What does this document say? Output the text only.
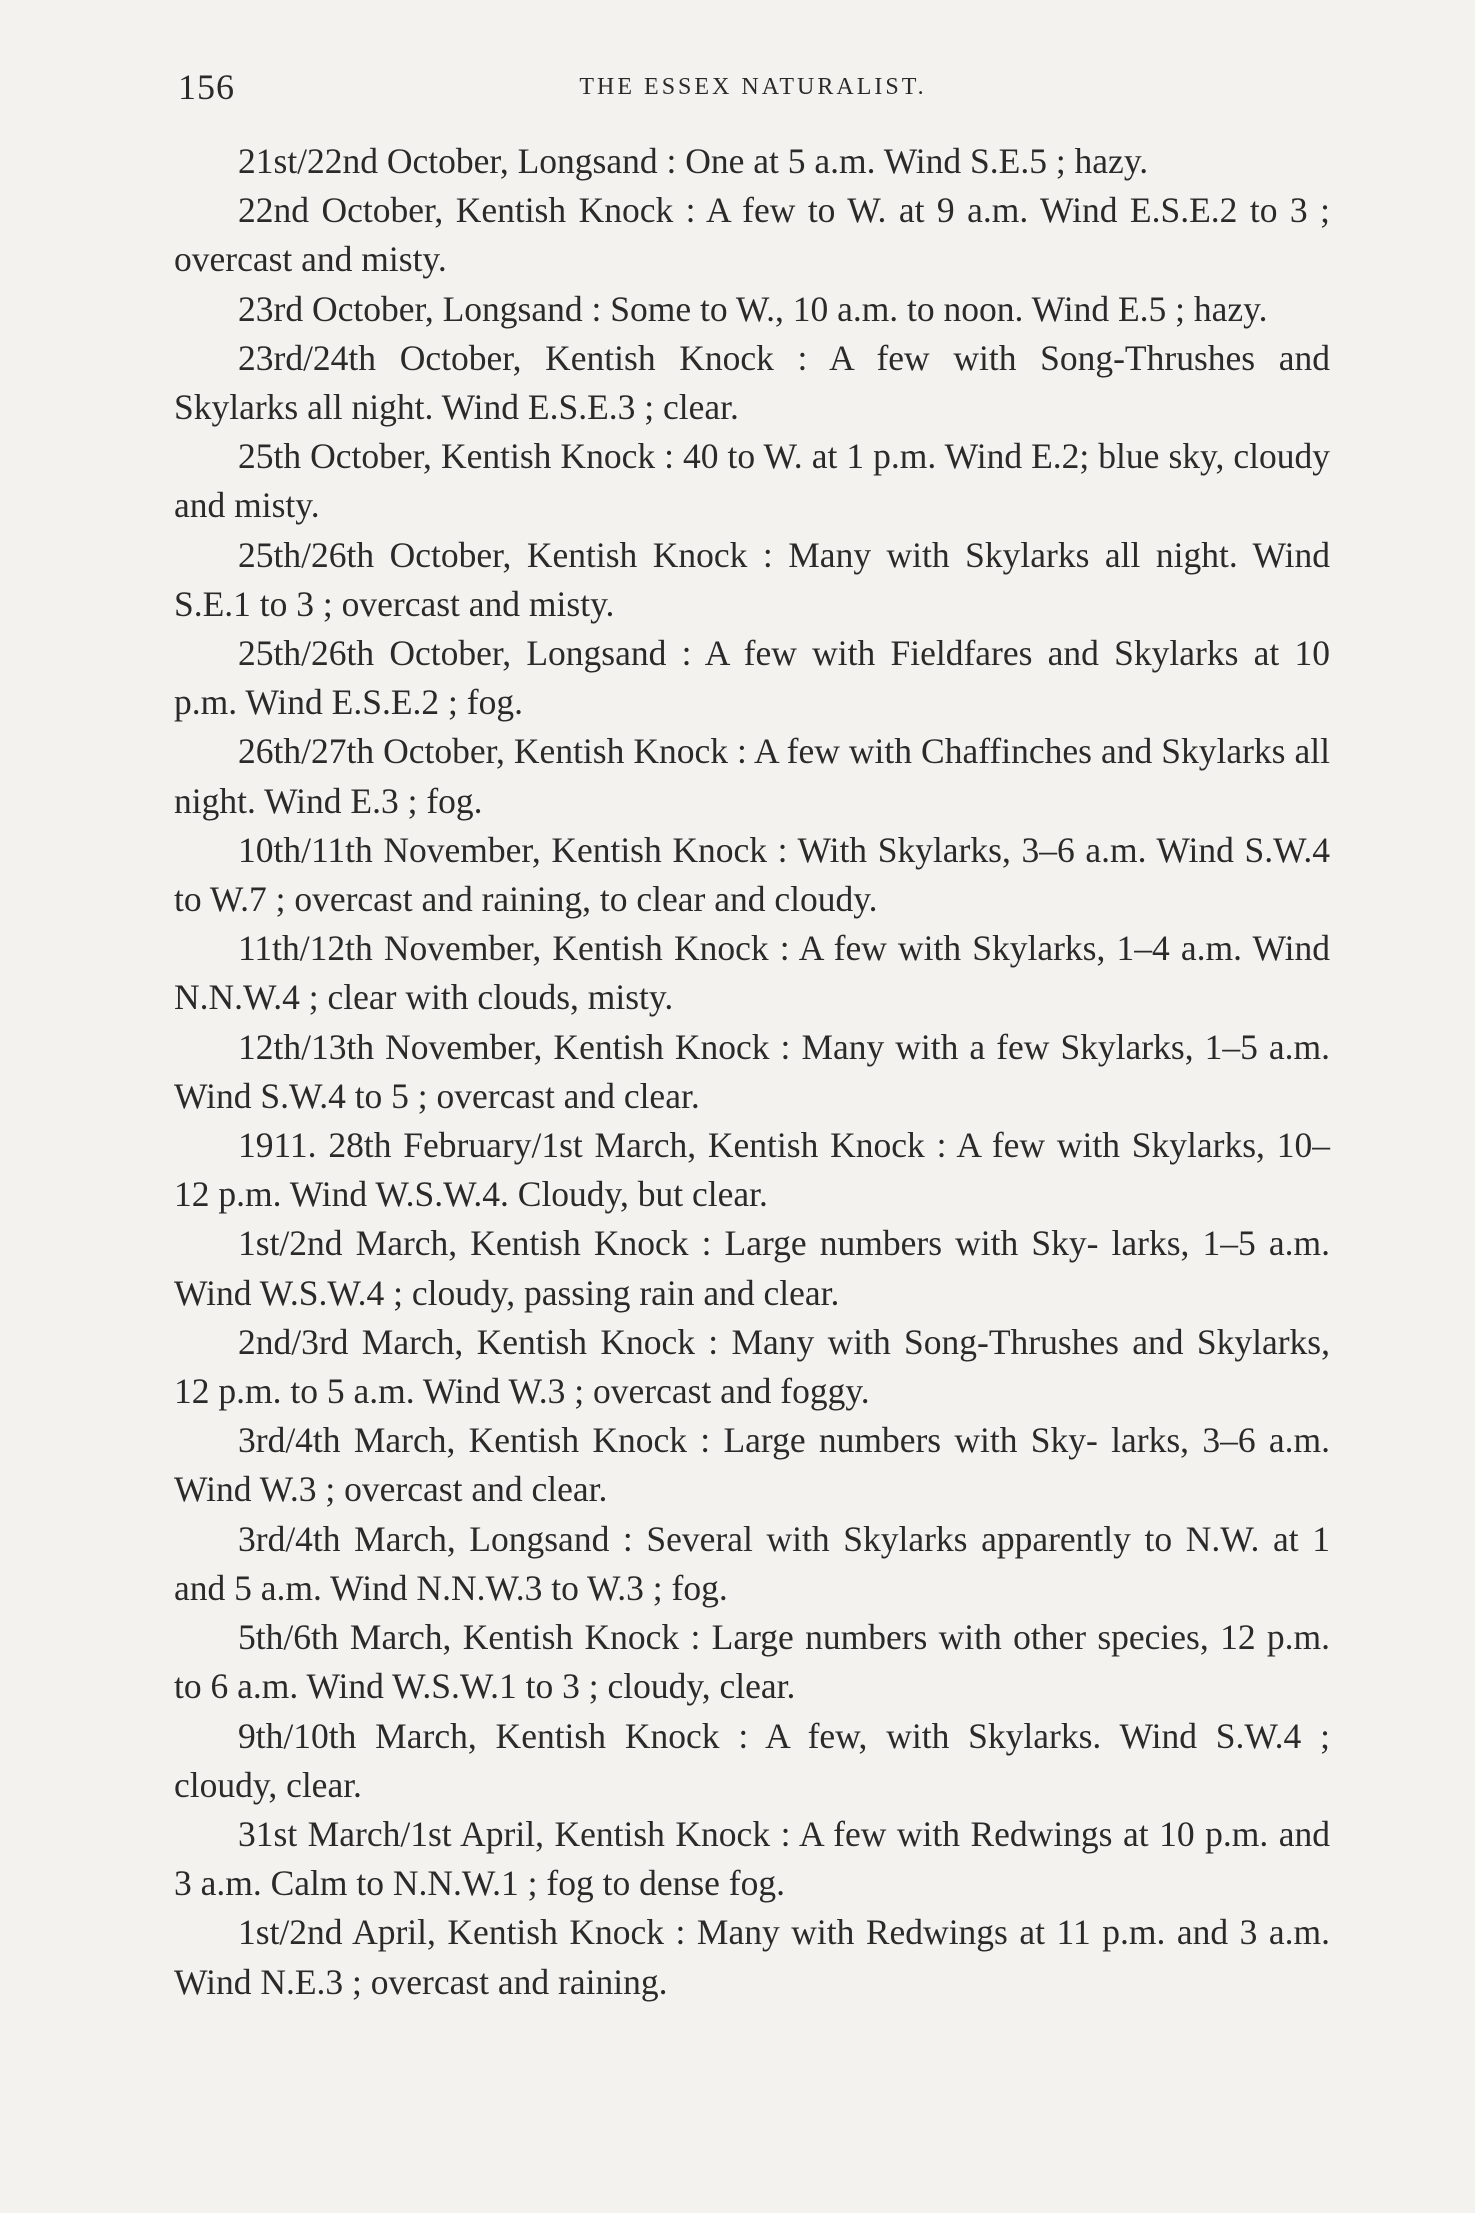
156	THE ESSEX NATURALIST.

21st/22nd October, Longsand : One at 5 a.m. Wind S.E.5 ; hazy.

22nd October, Kentish Knock : A few to W. at 9 a.m. Wind E.S.E.2 to 3 ; overcast and misty.

23rd October, Longsand : Some to W., 10 a.m. to noon. Wind E.5 ; hazy.

23rd/24th October, Kentish Knock : A few with Song-Thrushes and Skylarks all night. Wind E.S.E.3 ; clear.

25th October, Kentish Knock : 40 to W. at 1 p.m. Wind E.2; blue sky, cloudy and misty.

25th/26th October, Kentish Knock : Many with Skylarks all night. Wind S.E.1 to 3 ; overcast and misty.

25th/26th October, Longsand : A few with Fieldfares and Skylarks at 10 p.m. Wind E.S.E.2 ; fog.

26th/27th October, Kentish Knock : A few with Chaffinches and Skylarks all night. Wind E.3 ; fog.

10th/11th November, Kentish Knock : With Skylarks, 3–6 a.m. Wind S.W.4 to W.7 ; overcast and raining, to clear and cloudy.

11th/12th November, Kentish Knock : A few with Skylarks, 1–4 a.m. Wind N.N.W.4 ; clear with clouds, misty.

12th/13th November, Kentish Knock : Many with a few Skylarks, 1–5 a.m. Wind S.W.4 to 5 ; overcast and clear.

1911. 28th February/1st March, Kentish Knock : A few with Skylarks, 10–12 p.m. Wind W.S.W.4. Cloudy, but clear.

1st/2nd March, Kentish Knock : Large numbers with Sky- larks, 1–5 a.m. Wind W.S.W.4 ; cloudy, passing rain and clear.

2nd/3rd March, Kentish Knock : Many with Song-Thrushes and Skylarks, 12 p.m. to 5 a.m. Wind W.3 ; overcast and foggy.

3rd/4th March, Kentish Knock : Large numbers with Sky- larks, 3–6 a.m. Wind W.3 ; overcast and clear.

3rd/4th March, Longsand : Several with Skylarks apparently to N.W. at 1 and 5 a.m. Wind N.N.W.3 to W.3 ; fog.

5th/6th March, Kentish Knock : Large numbers with other species, 12 p.m. to 6 a.m. Wind W.S.W.1 to 3 ; cloudy, clear.

9th/10th March, Kentish Knock : A few, with Skylarks. Wind S.W.4 ; cloudy, clear.

31st March/1st April, Kentish Knock : A few with Redwings at 10 p.m. and 3 a.m. Calm to N.N.W.1 ; fog to dense fog.

1st/2nd April, Kentish Knock : Many with Redwings at 11 p.m. and 3 a.m. Wind N.E.3 ; overcast and raining.
